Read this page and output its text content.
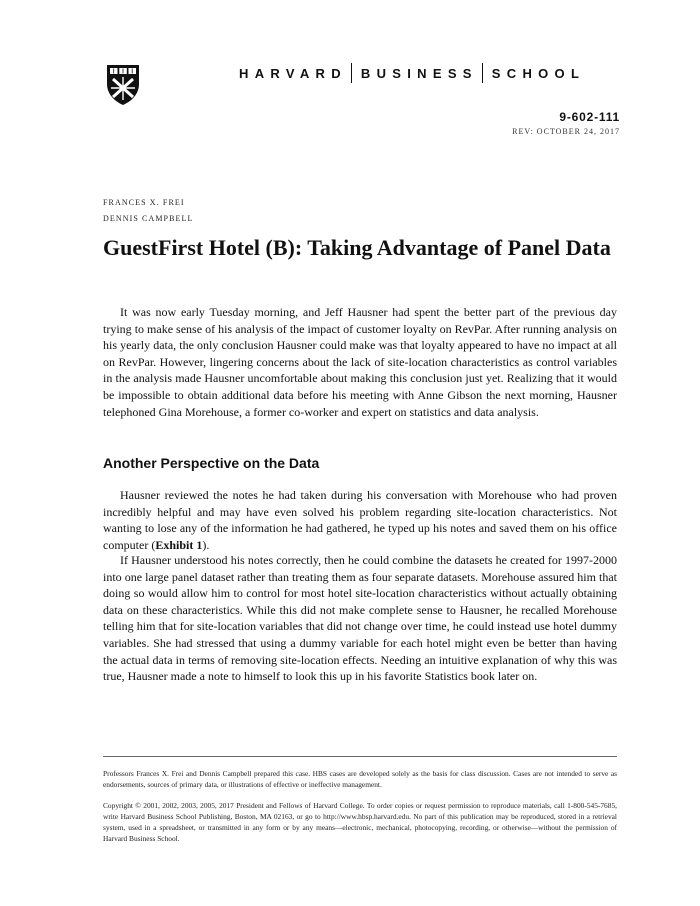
HARVARD BUSINESS SCHOOL
9-602-111
REV: OCTOBER 24, 2017
FRANCES X. FREI
DENNIS CAMPBELL
GuestFirst Hotel (B): Taking Advantage of Panel Data

It was now early Tuesday morning, and Jeff Hausner had spent the better part of the previous day trying to make sense of his analysis of the impact of customer loyalty on RevPar. After running analysis on his yearly data, the only conclusion Hausner could make was that loyalty appeared to have no impact at all on RevPar. However, lingering concerns about the lack of site-location characteristics as control variables in the analysis made Hausner uncomfortable about making this conclusion just yet. Realizing that it would be impossible to obtain additional data before his meeting with Anne Gibson the next morning, Hausner telephoned Gina Morehouse, a former co-worker and expert on statistics and data analysis.

Another Perspective on the Data

Hausner reviewed the notes he had taken during his conversation with Morehouse who had proven incredibly helpful and may have even solved his problem regarding site-location characteristics. Not wanting to lose any of the information he had gathered, he typed up his notes and saved them on his office computer (Exhibit 1).

If Hausner understood his notes correctly, then he could combine the datasets he created for 1997-2000 into one large panel dataset rather than treating them as four separate datasets. Morehouse assured him that doing so would allow him to control for most hotel site-location characteristics without actually obtaining data on these characteristics. While this did not make complete sense to Hausner, he recalled Morehouse telling him that for site-location variables that did not change over time, he could instead use hotel dummy variables. She had stressed that using a dummy variable for each hotel might even be better than having the actual data in terms of removing site-location effects. Needing an intuitive explanation of why this was true, Hausner made a note to himself to look this up in his favorite Statistics book later on.

Professors Frances X. Frei and Dennis Campbell prepared this case. HBS cases are developed solely as the basis for class discussion. Cases are not intended to serve as endorsements, sources of primary data, or illustrations of effective or ineffective management.

Copyright © 2001, 2002, 2003, 2005, 2017 President and Fellows of Harvard College. To order copies or request permission to reproduce materials, call 1-800-545-7685, write Harvard Business School Publishing, Boston, MA 02163, or go to http://www.hbsp.harvard.edu. No part of this publication may be reproduced, stored in a retrieval system, used in a spreadsheet, or transmitted in any form or by any means—electronic, mechanical, photocopying, recording, or otherwise—without the permission of Harvard Business School.
